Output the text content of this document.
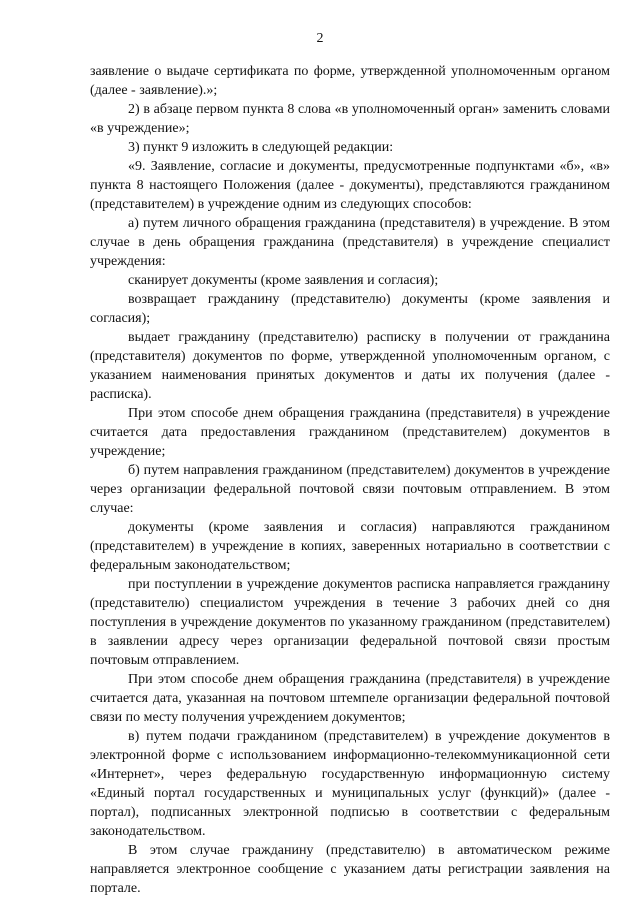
2

заявление о выдаче сертификата по форме, утвержденной уполномоченным органом (далее - заявление).»;

2) в абзаце первом пункта 8 слова «в уполномоченный орган» заменить словами «в учреждение»;

3) пункт 9 изложить в следующей редакции:

«9. Заявление, согласие и документы, предусмотренные подпунктами «б», «в» пункта 8 настоящего Положения (далее - документы), представляются гражданином (представителем) в учреждение одним из следующих способов:

а) путем личного обращения гражданина (представителя) в учреждение. В этом случае в день обращения гражданина (представителя) в учреждение специалист учреждения:

сканирует документы (кроме заявления и согласия);

возвращает гражданину (представителю) документы (кроме заявления и согласия);

выдает гражданину (представителю) расписку в получении от гражданина (представителя) документов по форме, утвержденной уполномоченным органом, с указанием наименования принятых документов и даты их получения (далее - расписка).

При этом способе днем обращения гражданина (представителя) в учреждение считается дата предоставления гражданином (представителем) документов в учреждение;

б) путем направления гражданином (представителем) документов в учреждение через организации федеральной почтовой связи почтовым отправлением. В этом случае:

документы (кроме заявления и согласия) направляются гражданином (представителем) в учреждение в копиях, заверенных нотариально в соответствии с федеральным законодательством;

при поступлении в учреждение документов расписка направляется гражданину (представителю) специалистом учреждения в течение 3 рабочих дней со дня поступления в учреждение документов по указанному гражданином (представителем) в заявлении адресу через организации федеральной почтовой связи простым почтовым отправлением.

При этом способе днем обращения гражданина (представителя) в учреждение считается дата, указанная на почтовом штемпеле организации федеральной почтовой связи по месту получения учреждением документов;

в) путем подачи гражданином (представителем) в учреждение документов в электронной форме с использованием информационно-телекоммуникационной сети «Интернет», через федеральную государственную информационную систему «Единый портал государственных и муниципальных услуг (функций)» (далее - портал), подписанных электронной подписью в соответствии с федеральным законодательством.

В этом случае гражданину (представителю) в автоматическом режиме направляется электронное сообщение с указанием даты регистрации заявления на портале.
